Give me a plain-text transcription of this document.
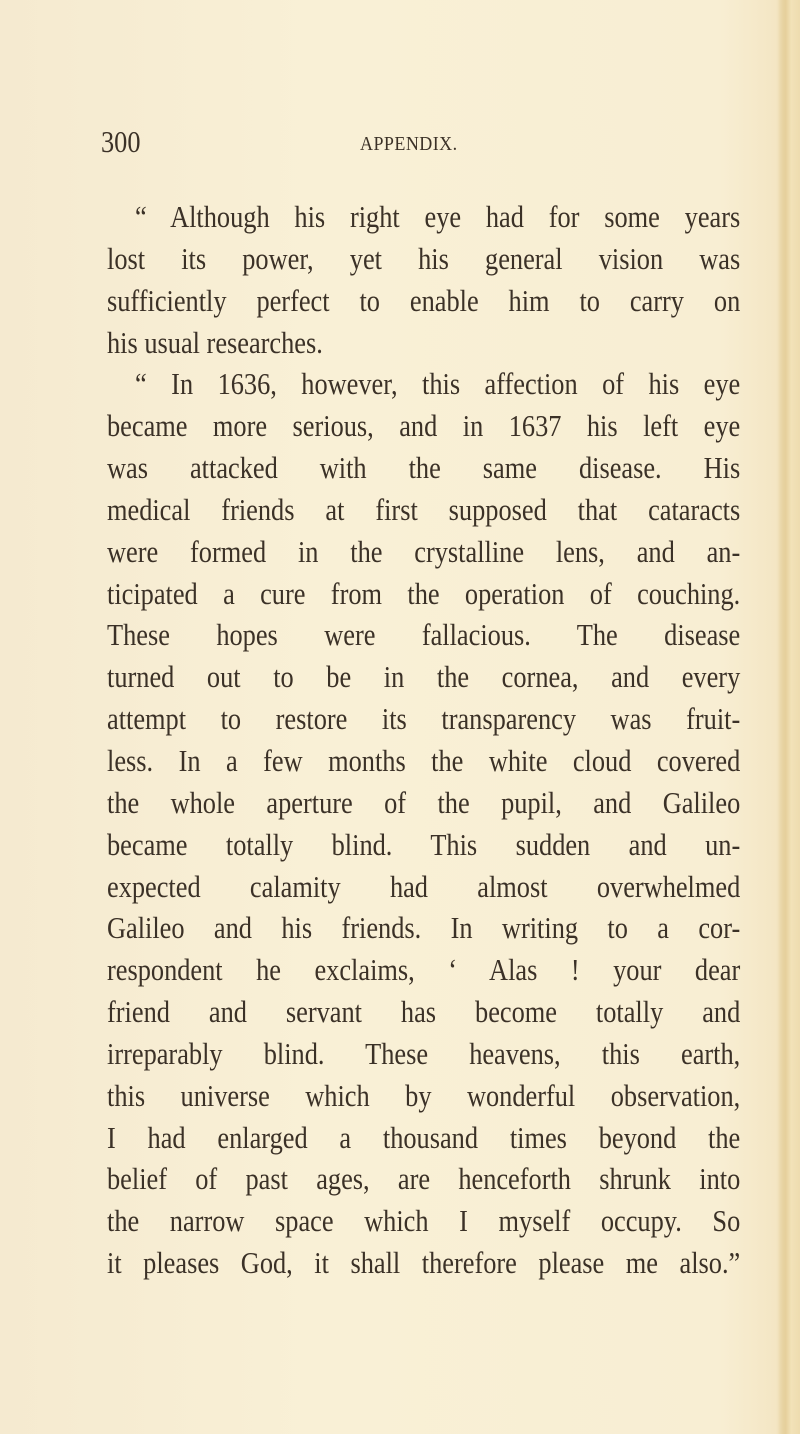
300	APPENDIX.
“ Although his right eye had for some years
lost its power, yet his general vision was
sufficiently perfect to enable him to carry on
his usual researches.
“ In 1636, however, this affection of his eye
became more serious, and in 1637 his left eye
was attacked with the same disease. His
medical friends at first supposed that cataracts
were formed in the crystalline lens, and an-
ticipated a cure from the operation of couching.
These hopes were fallacious. The disease
turned out to be in the cornea, and every
attempt to restore its transparency was fruit-
less. In a few months the white cloud covered
the whole aperture of the pupil, and Galileo
became totally blind. This sudden and un-
expected calamity had almost overwhelmed
Galileo and his friends. In writing to a cor-
respondent he exclaims, ‘ Alas ! your dear
friend and servant has become totally and
irreparably blind. These heavens, this earth,
this universe which by wonderful observation,
I had enlarged a thousand times beyond the
belief of past ages, are henceforth shrunk into
the narrow space which I myself occupy. So
it pleases God, it shall therefore please me also.”
